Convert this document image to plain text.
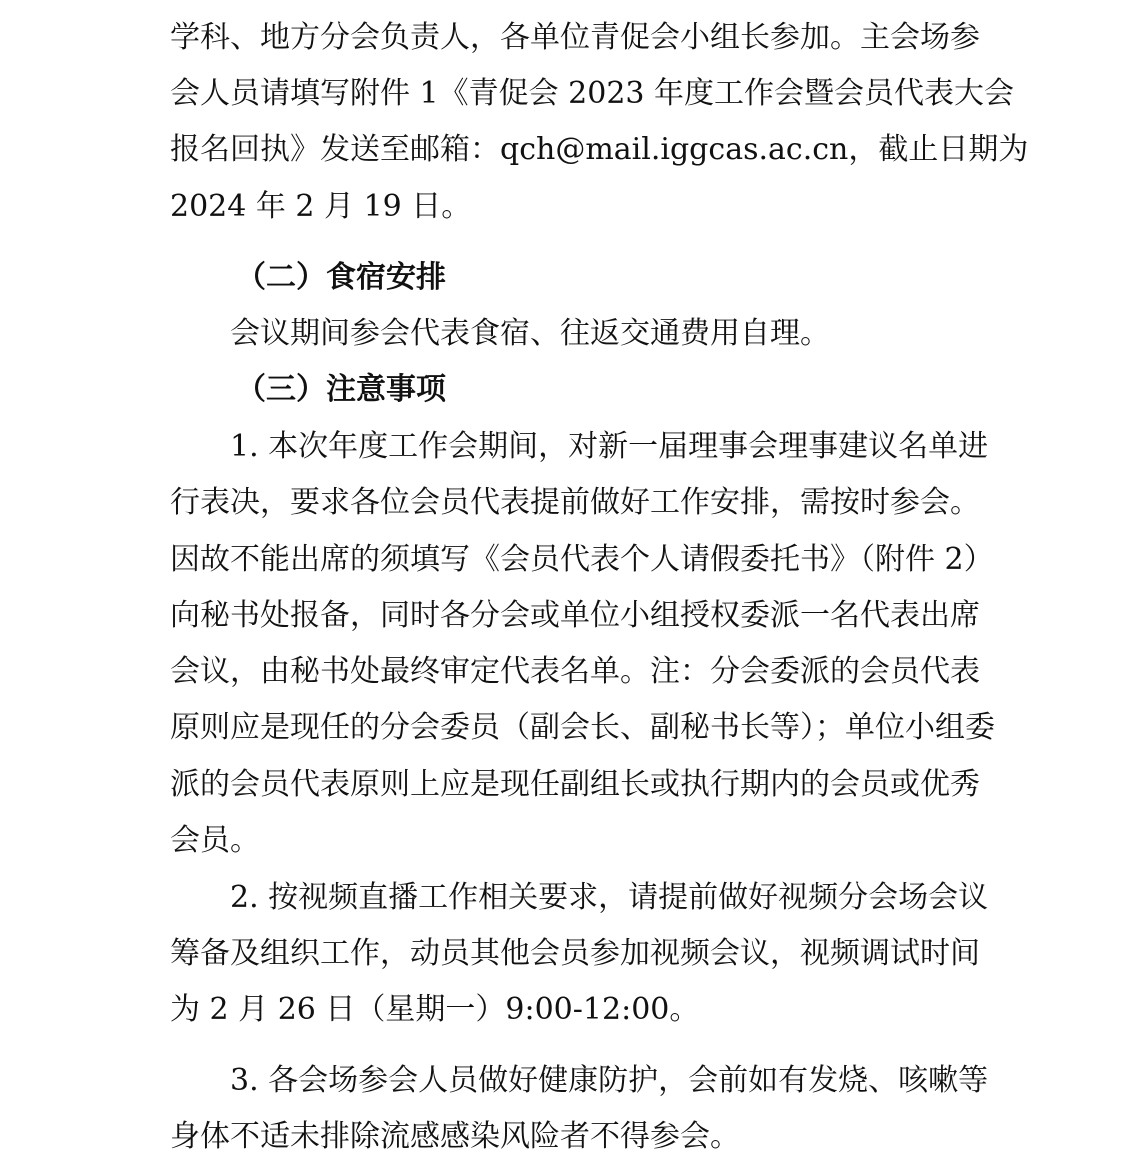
学科、地方分会负责人，各单位青促会小组长参加。主会场参
会人员请填写附件 1《青促会 2023 年度工作会暨会员代表大会
报名回执》发送至邮箱：qch@mail.iggcas.ac.cn，截止日期为
2024 年 2 月 19 日。
（二）食宿安排
会议期间参会代表食宿、往返交通费用自理。
（三）注意事项
1. 本次年度工作会期间，对新一届理事会理事建议名单进
行表决，要求各位会员代表提前做好工作安排，需按时参会。
因故不能出席的须填写《会员代表个人请假委托书》（附件 2）
向秘书处报备，同时各分会或单位小组授权委派一名代表出席
会议，由秘书处最终审定代表名单。注：分会委派的会员代表
原则应是现任的分会委员（副会长、副秘书长等）；单位小组委
派的会员代表原则上应是现任副组长或执行期内的会员或优秀
会员。
2. 按视频直播工作相关要求，请提前做好视频分会场会议
筹备及组织工作，动员其他会员参加视频会议，视频调试时间
为 2 月 26 日（星期一）9:00-12:00。
3. 各会场参会人员做好健康防护，会前如有发烧、咳嗽等
身体不适未排除流感感染风险者不得参会。
